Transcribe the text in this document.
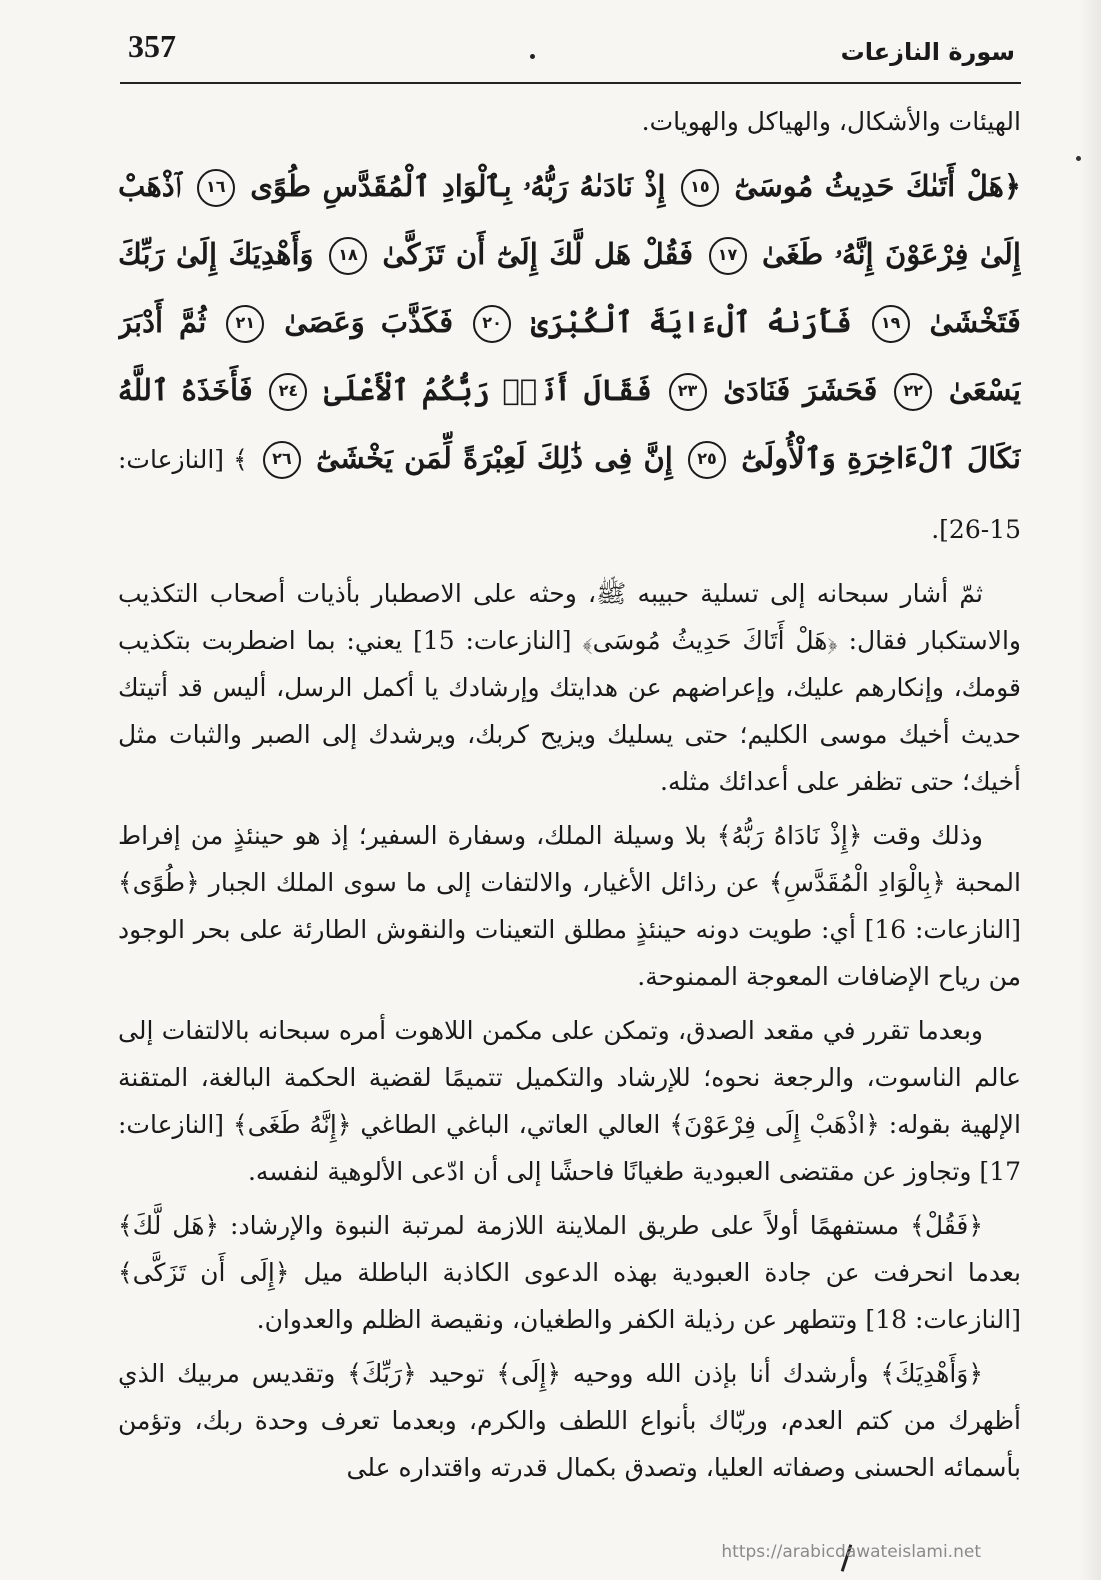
357	سورة النازعات

الهيئات والأشكال، والهياكل والهويات.

﴿هَلْ أَتَىٰكَ حَدِيثُ مُوسَىٰٓ ١٥ إِذْ نَادَىٰهُ رَبُّهُۥ بِٱلْوَادِ ٱلْمُقَدَّسِ طُوًى ١٦ ٱذْهَبْ إِلَىٰ فِرْعَوْنَ إِنَّهُۥ طَغَىٰ ١٧ فَقُلْ هَل لَّكَ إِلَىٰٓ أَن تَزَكَّىٰ ١٨ وَأَهْدِيَكَ إِلَىٰ رَبِّكَ فَتَخْشَىٰ ١٩ فَأَرَىٰهُ ٱلْءَايَةَ ٱلْكُبْرَىٰ ٢٠ فَكَذَّبَ وَعَصَىٰ ٢١ ثُمَّ أَدْبَرَ يَسْعَىٰ ٢٢ فَحَشَرَ فَنَادَىٰ ٢٣ فَقَالَ أَنَا۠ رَبُّكُمُ ٱلْأَعْلَىٰ ٢٤ فَأَخَذَهُ ٱللَّهُ نَكَالَ ٱلْءَاخِرَةِ وَٱلْأُولَىٰٓ ٢٥ إِنَّ فِى ذَٰلِكَ لَعِبْرَةً لِّمَن يَخْشَىٰٓ ٢٦ ﴾ [النازعات: 15-26].

ثمّ أشار سبحانه إلى تسلية حبيبه ﷺ، وحثه على الاصطبار بأذيات أصحاب التكذيب والاستكبار فقال: ﴿هَلْ أَتَاكَ حَدِيثُ مُوسَى﴾ [النازعات: 15] يعني: بما اضطربت بتكذيب قومك، وإنكارهم عليك، وإعراضهم عن هدايتك وإرشادك يا أكمل الرسل، أليس قد أتيتك حديث أخيك موسى الكليم؛ حتى يسليك ويزيح كربك، ويرشدك إلى الصبر والثبات مثل أخيك؛ حتى تظفر على أعدائك مثله.

وذلك وقت ﴿إِذْ نَادَاهُ رَبُّهُ﴾ بلا وسيلة الملك، وسفارة السفير؛ إذ هو حينئذٍ من إفراط المحبة ﴿بِالْوَادِ الْمُقَدَّسِ﴾ عن رذائل الأغيار، والالتفات إلى ما سوى الملك الجبار ﴿طُوًى﴾ [النازعات: 16] أي: طويت دونه حينئذٍ مطلق التعينات والنقوش الطارئة على بحر الوجود من رياح الإضافات المعوجة الممنوحة.

وبعدما تقرر في مقعد الصدق، وتمكن على مكمن اللاهوت أمره سبحانه بالالتفات إلى عالم الناسوت، والرجعة نحوه؛ للإرشاد والتكميل تتميمًا لقضية الحكمة البالغة، المتقنة الإلهية بقوله: ﴿اذْهَبْ إِلَى فِرْعَوْنَ﴾ العالي العاتي، الباغي الطاغي ﴿إِنَّهُ طَغَى﴾ [النازعات: 17] وتجاوز عن مقتضى العبودية طغيانًا فاحشًا إلى أن ادّعى الألوهية لنفسه.

﴿فَقُلْ﴾ مستفهمًا أولاً على طريق الملاينة اللازمة لمرتبة النبوة والإرشاد: ﴿هَل لَّكَ﴾ بعدما انحرفت عن جادة العبودية بهذه الدعوى الكاذبة الباطلة ميل ﴿إِلَى أَن تَزَكَّى﴾ [النازعات: 18] وتتطهر عن رذيلة الكفر والطغيان، ونقيصة الظلم والعدوان.

﴿وَأَهْدِيَكَ﴾ وأرشدك أنا بإذن الله ووحيه ﴿إِلَى﴾ توحيد ﴿رَبِّكَ﴾ وتقديس مربيك الذي أظهرك من كتم العدم، وربّاك بأنواع اللطف والكرم، وبعدما تعرف وحدة ربك، وتؤمن بأسمائه الحسنى وصفاته العليا، وتصدق بكمال قدرته واقتداره على

https://arabicdawateislami.net
